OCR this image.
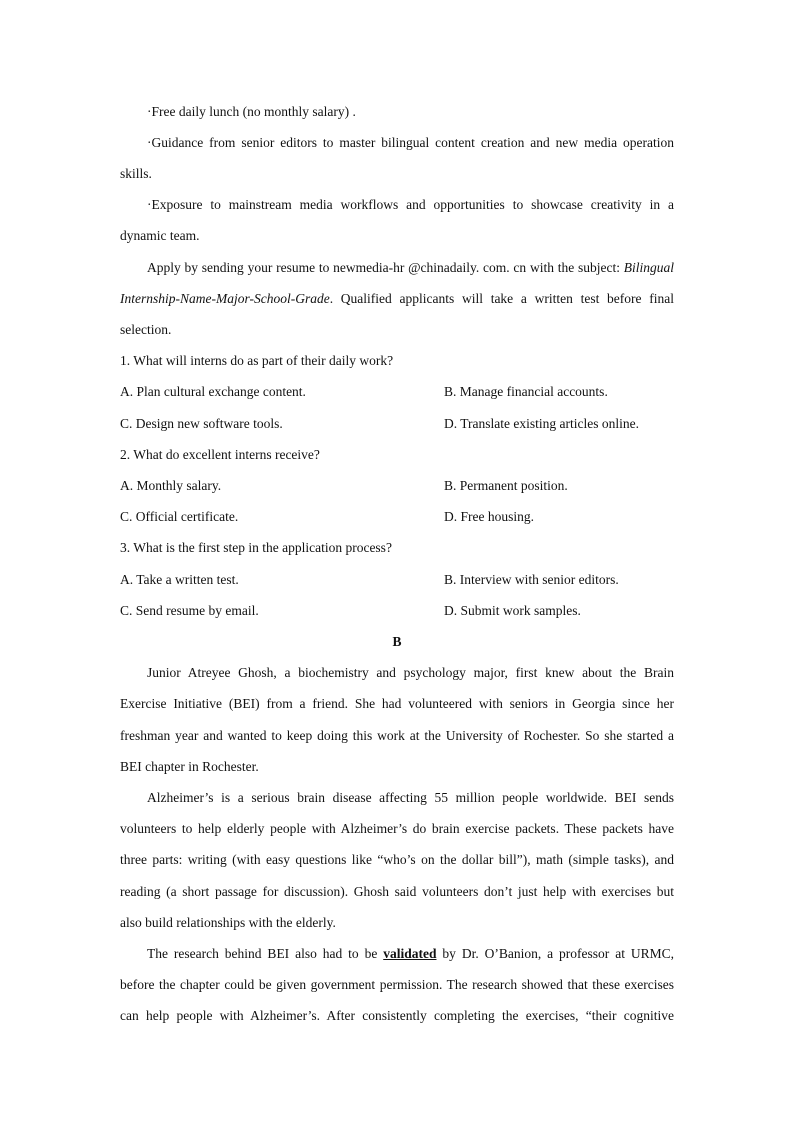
·Free daily lunch (no monthly salary) .
·Guidance from senior editors to master bilingual content creation and new media operation
skills.
·Exposure to mainstream media workflows and opportunities to showcase creativity in a
dynamic team.
Apply by sending your resume to newmedia-hr @chinadaily. com. cn with the subject: Bilingual
Internship-Name-Major-School-Grade. Qualified applicants will take a written test before final
selection.
1. What will interns do as part of their daily work?
A. Plan cultural exchange content.	B. Manage financial accounts.
C. Design new software tools.	D. Translate existing articles online.
2. What do excellent interns receive?
A. Monthly salary.	B. Permanent position.
C. Official certificate.	D. Free housing.
3. What is the first step in the application process?
A. Take a written test.	B. Interview with senior editors.
C. Send resume by email.	D. Submit work samples.
B
Junior Atreyee Ghosh, a biochemistry and psychology major, first knew about the Brain
Exercise Initiative (BEI) from a friend. She had volunteered with seniors in Georgia since her
freshman year and wanted to keep doing this work at the University of Rochester. So she started a
BEI chapter in Rochester.
Alzheimer’s is a serious brain disease affecting 55 million people worldwide. BEI sends
volunteers to help elderly people with Alzheimer’s do brain exercise packets. These packets have
three parts: writing (with easy questions like “who’s on the dollar bill”), math (simple tasks), and
reading (a short passage for discussion). Ghosh said volunteers don’t just help with exercises but
also build relationships with the elderly.
The research behind BEI also had to be validated by Dr. O’Banion, a professor at URMC,
before the chapter could be given government permission. The research showed that these exercises
can help people with Alzheimer’s. After consistently completing the exercises, “their cognitive
